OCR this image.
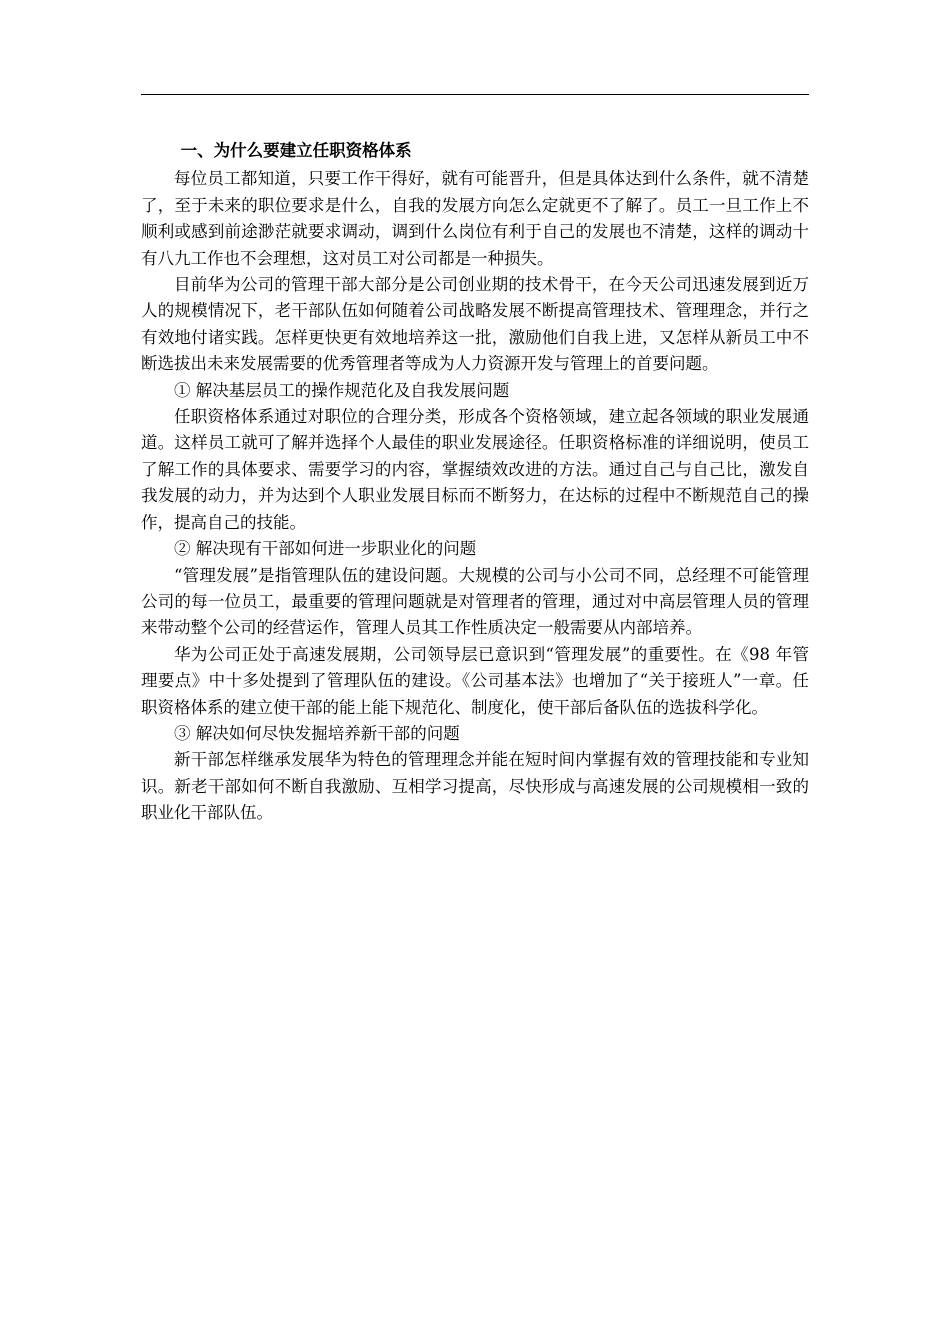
一、为什么要建立任职资格体系

每位员工都知道，只要工作干得好，就有可能晋升，但是具体达到什么条件，就不清楚了，至于未来的职位要求是什么，自我的发展方向怎么定就更不了解了。员工一旦工作上不顺利或感到前途渺茫就要求调动，调到什么岗位有利于自己的发展也不清楚，这样的调动十有八九工作也不会理想，这对员工对公司都是一种损失。

目前华为公司的管理干部大部分是公司创业期的技术骨干，在今天公司迅速发展到近万人的规模情况下，老干部队伍如何随着公司战略发展不断提高管理技术、管理理念，并行之有效地付诸实践。怎样更快更有效地培养这一批，激励他们自我上进，又怎样从新员工中不断选拔出未来发展需要的优秀管理者等成为人力资源开发与管理上的首要问题。

① 解决基层员工的操作规范化及自我发展问题

任职资格体系通过对职位的合理分类，形成各个资格领域，建立起各领域的职业发展通道。这样员工就可了解并选择个人最佳的职业发展途径。任职资格标准的详细说明，使员工了解工作的具体要求、需要学习的内容，掌握绩效改进的方法。通过自己与自己比，激发自我发展的动力，并为达到个人职业发展目标而不断努力，在达标的过程中不断规范自己的操作，提高自己的技能。

② 解决现有干部如何进一步职业化的问题

“管理发展”是指管理队伍的建设问题。大规模的公司与小公司不同，总经理不可能管理公司的每一位员工，最重要的管理问题就是对管理者的管理，通过对中高层管理人员的管理来带动整个公司的经营运作，管理人员其工作性质决定一般需要从内部培养。

华为公司正处于高速发展期，公司领导层已意识到“管理发展”的重要性。在《98 年管理要点》中十多处提到了管理队伍的建设。《公司基本法》也增加了“关于接班人”一章。任职资格体系的建立使干部的能上能下规范化、制度化，使干部后备队伍的选拔科学化。

③ 解决如何尽快发掘培养新干部的问题

新干部怎样继承发展华为特色的管理理念并能在短时间内掌握有效的管理技能和专业知识。新老干部如何不断自我激励、互相学习提高，尽快形成与高速发展的公司规模相一致的职业化干部队伍。
